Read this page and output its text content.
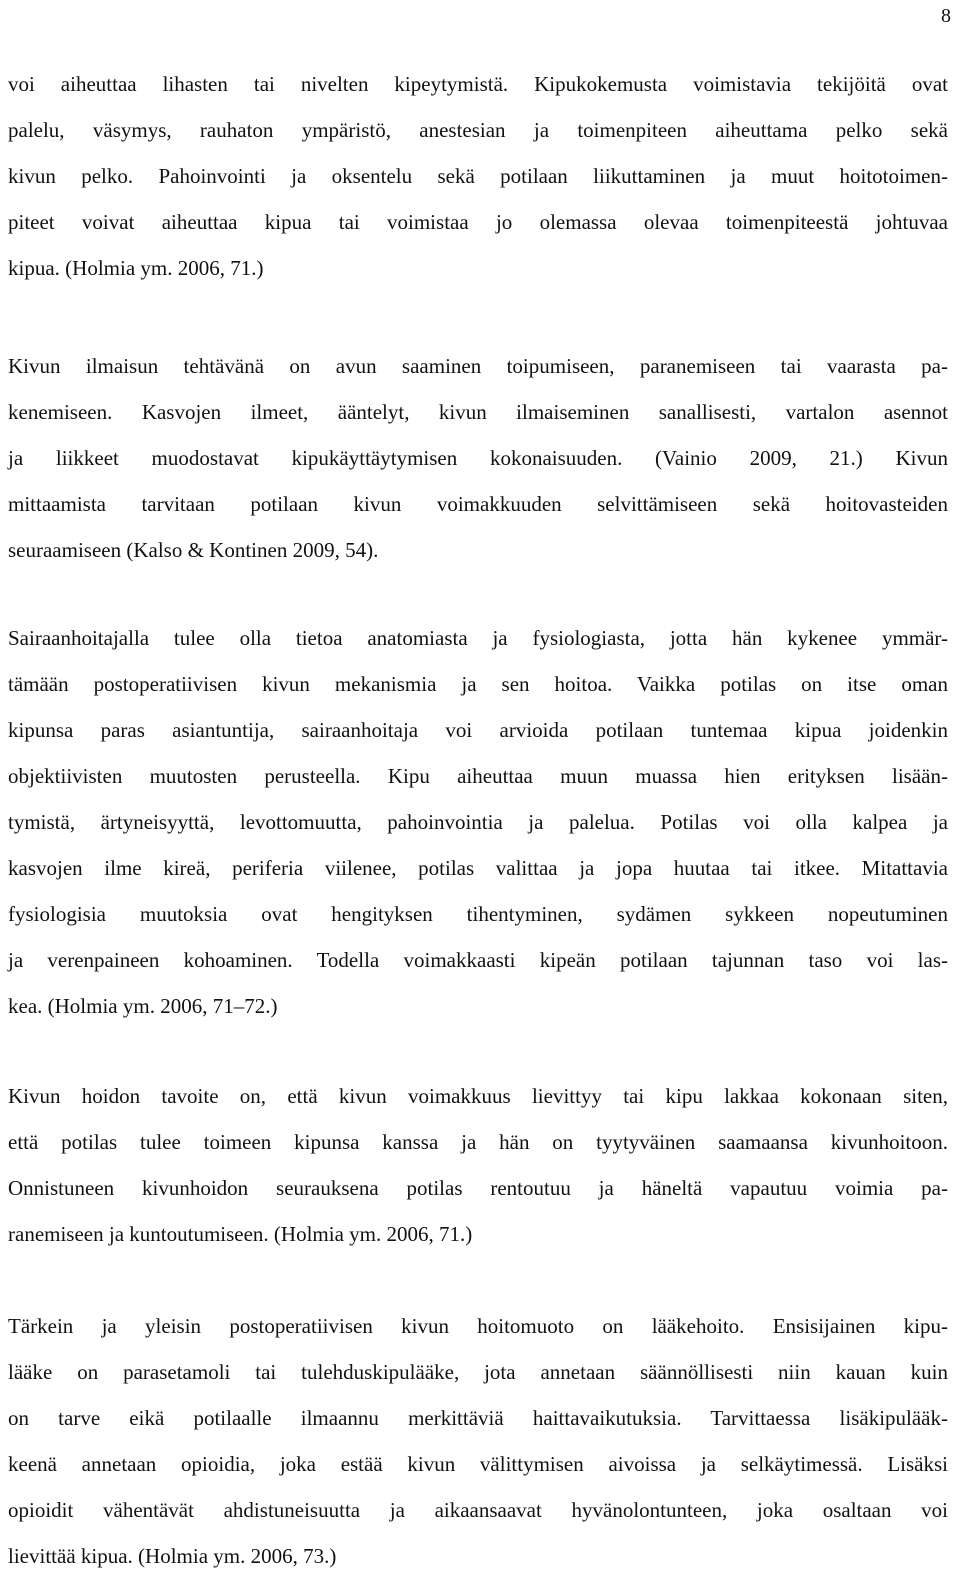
8

voi aiheuttaa lihasten tai nivelten kipeytymistä. Kipukokemusta voimistavia tekijöitä ovat
palelu, väsymys, rauhaton ympäristö, anestesian ja toimenpiteen aiheuttama pelko sekä
kivun pelko. Pahoinvointi ja oksentelu sekä potilaan liikuttaminen ja muut hoitotoimen-
piteet voivat aiheuttaa kipua tai voimistaa jo olemassa olevaa toimenpiteestä johtuvaa
kipua. (Holmia ym. 2006, 71.)

Kivun ilmaisun tehtävänä on avun saaminen toipumiseen, paranemiseen tai vaarasta pa-
kenemiseen. Kasvojen ilmeet, ääntelyt, kivun ilmaiseminen sanallisesti, vartalon asennot
ja liikkeet muodostavat kipukäyttäytymisen kokonaisuuden. (Vainio 2009, 21.) Kivun
mittaamista tarvitaan potilaan kivun voimakkuuden selvittämiseen sekä hoitovasteiden
seuraamiseen (Kalso & Kontinen 2009, 54).

Sairaanhoitajalla tulee olla tietoa anatomiasta ja fysiologiasta, jotta hän kykenee ymmär-
tämään postoperatiivisen kivun mekanismia ja sen hoitoa. Vaikka potilas on itse oman
kipunsa paras asiantuntija, sairaanhoitaja voi arvioida potilaan tuntemaa kipua joidenkin
objektiivisten muutosten perusteella. Kipu aiheuttaa muun muassa hien erityksen lisään-
tymistä, ärtyneisyyttä, levottomuutta, pahoinvointia ja palelua. Potilas voi olla kalpea ja
kasvojen ilme kireä, periferia viilenee, potilas valittaa ja jopa huutaa tai itkee. Mitattavia
fysiologisia muutoksia ovat hengityksen tihentyminen, sydämen sykkeen nopeutuminen
ja verenpaineen kohoaminen. Todella voimakkaasti kipeän potilaan tajunnan taso voi las-
kea. (Holmia ym. 2006, 71–72.)

Kivun hoidon tavoite on, että kivun voimakkuus lievittyy tai kipu lakkaa kokonaan siten,
että potilas tulee toimeen kipunsa kanssa ja hän on tyytyväinen saamaansa kivunhoitoon.
Onnistuneen kivunhoidon seurauksena potilas rentoutuu ja häneltä vapautuu voimia pa-
ranemiseen ja kuntoutumiseen. (Holmia ym. 2006, 71.)

Tärkein ja yleisin postoperatiivisen kivun hoitomuoto on lääkehoito. Ensisijainen kipu-
lääke on parasetamoli tai tulehduskipulääke, jota annetaan säännöllisesti niin kauan kuin
on tarve eikä potilaalle ilmaannu merkittäviä haittavaikutuksia. Tarvittaessa lisäkipulääk-
keenä annetaan opioidia, joka estää kivun välittymisen aivoissa ja selkäytimessä. Lisäksi
opioidit vähentävät ahdistuneisuutta ja aikaansaavat hyvänolontunteen, joka osaltaan voi
lievittää kipua. (Holmia ym. 2006, 73.)
